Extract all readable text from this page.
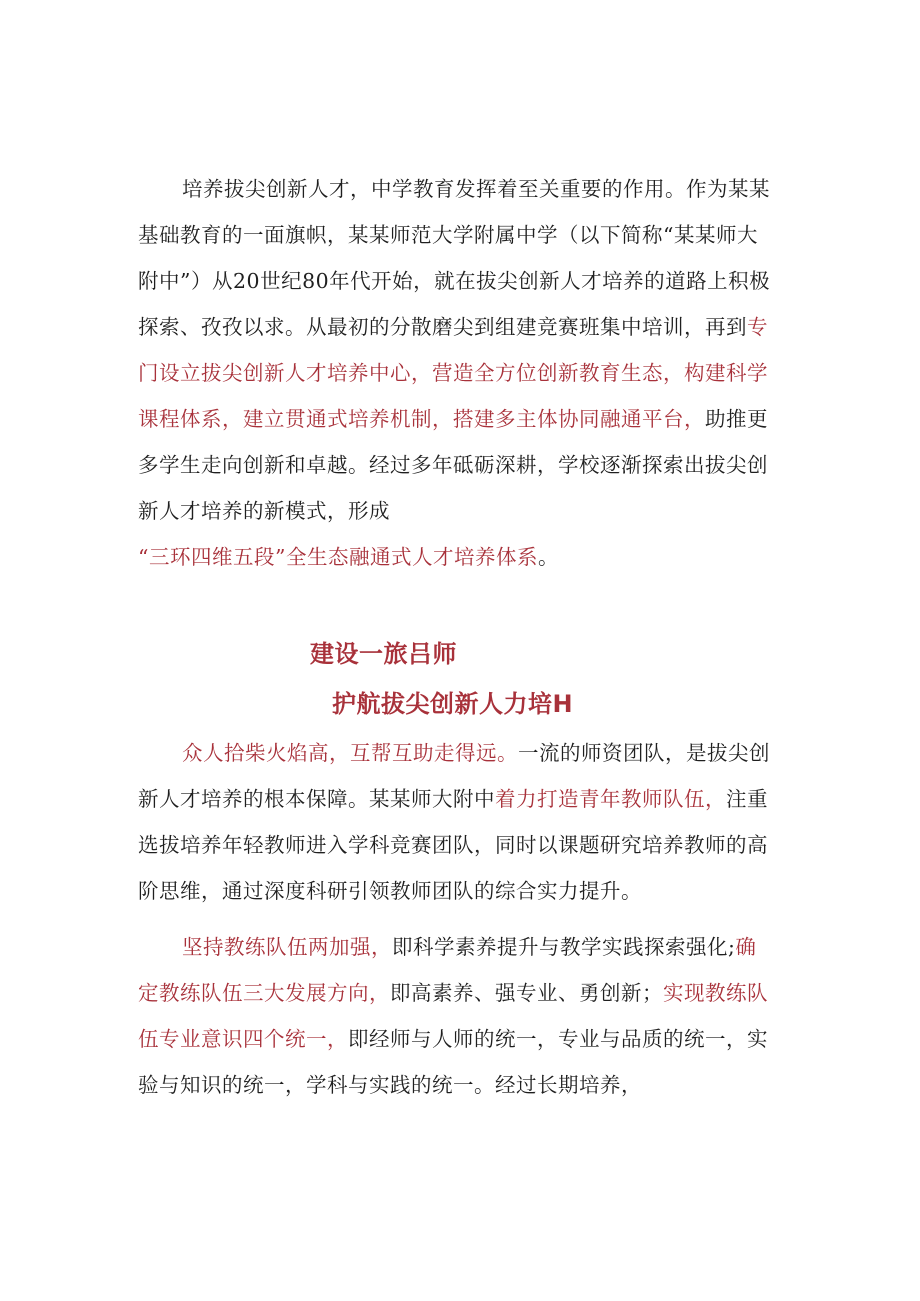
培养拔尖创新人才，中学教育发挥着至关重要的作用。作为某某
基础教育的一面旗帜，某某师范大学附属中学（以下简称“某某师大
附中”）从20世纪80年代开始，就在拔尖创新人才培养的道路上积极
探索、孜孜以求。从最初的分散磨尖到组建竞赛班集中培训，再到专
门设立拔尖创新人才培养中心，营造全方位创新教育生态，构建科学
课程体系，建立贯通式培养机制，搭建多主体协同融通平台，助推更
多学生走向创新和卓越。经过多年砥砺深耕，学校逐渐探索出拔尖创
新人才培养的新模式，形成
“三环四维五段”全生态融通式人才培养体系。

建设一旅吕师
护航拔尖创新人力培H

众人拾柴火焰高，互帮互助走得远。一流的师资团队，是拔尖创
新人才培养的根本保障。某某师大附中着力打造青年教师队伍，注重
选拔培养年轻教师进入学科竞赛团队，同时以课题研究培养教师的高
阶思维，通过深度科研引领教师团队的综合实力提升。

坚持教练队伍两加强，即科学素养提升与教学实践探索强化;确
定教练队伍三大发展方向，即高素养、强专业、勇创新；实现教练队
伍专业意识四个统一，即经师与人师的统一，专业与品质的统一，实
验与知识的统一，学科与实践的统一。经过长期培养，
